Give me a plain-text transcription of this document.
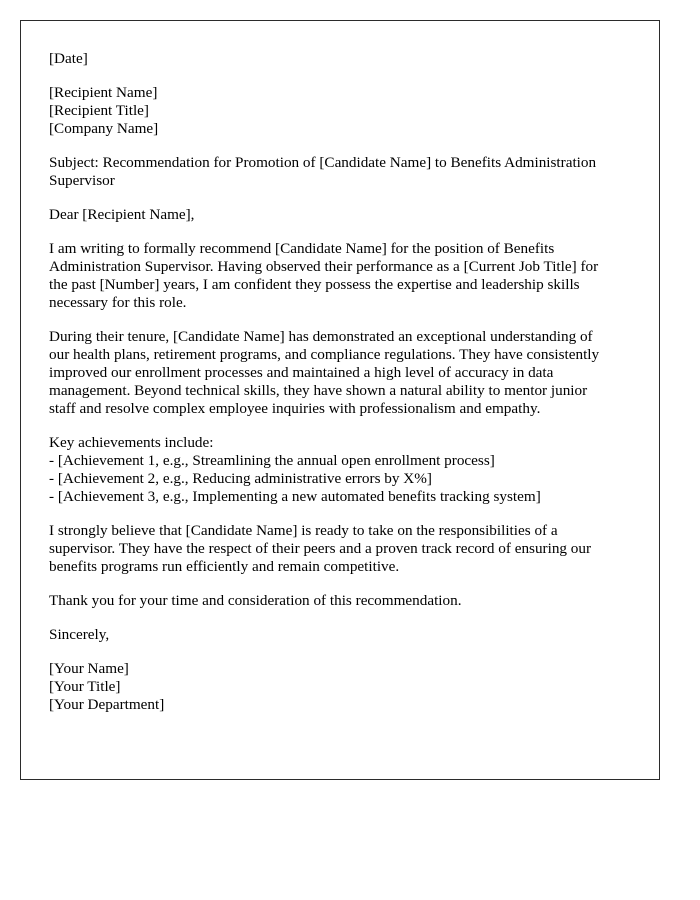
[Date]
[Recipient Name]
[Recipient Title]
[Company Name]
Subject: Recommendation for Promotion of [Candidate Name] to Benefits Administration
Supervisor
Dear [Recipient Name],
I am writing to formally recommend [Candidate Name] for the position of Benefits
Administration Supervisor. Having observed their performance as a [Current Job Title] for
the past [Number] years, I am confident they possess the expertise and leadership skills
necessary for this role.
During their tenure, [Candidate Name] has demonstrated an exceptional understanding of
our health plans, retirement programs, and compliance regulations. They have consistently
improved our enrollment processes and maintained a high level of accuracy in data
management. Beyond technical skills, they have shown a natural ability to mentor junior
staff and resolve complex employee inquiries with professionalism and empathy.
Key achievements include:
- [Achievement 1, e.g., Streamlining the annual open enrollment process]
- [Achievement 2, e.g., Reducing administrative errors by X%]
- [Achievement 3, e.g., Implementing a new automated benefits tracking system]
I strongly believe that [Candidate Name] is ready to take on the responsibilities of a
supervisor. They have the respect of their peers and a proven track record of ensuring our
benefits programs run efficiently and remain competitive.
Thank you for your time and consideration of this recommendation.
Sincerely,
[Your Name]
[Your Title]
[Your Department]
